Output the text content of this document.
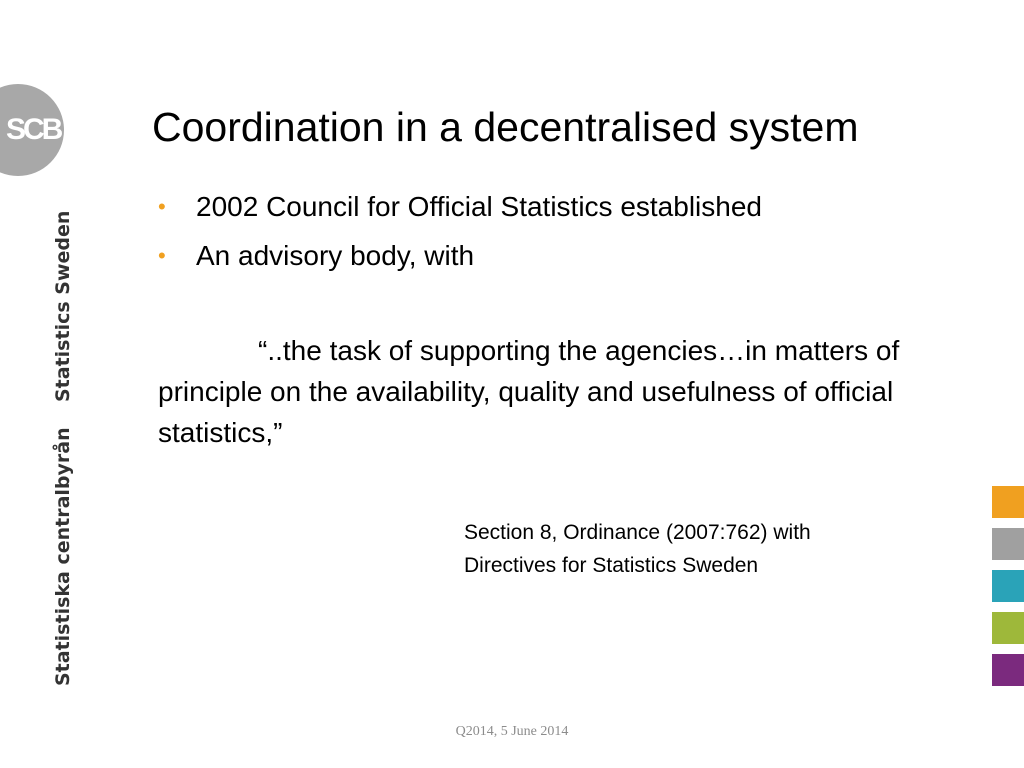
SCB
Statistics Sweden
Statistiska centralbyrån
Coordination in a decentralised system
• 2002 Council for Official Statistics established
• An advisory body, with

“..the task of supporting the agencies…in matters of principle on the availability, quality and usefulness of official statistics,”

Section 8, Ordinance (2007:762) with
Directives for Statistics Sweden
Q2014, 5 June 2014
